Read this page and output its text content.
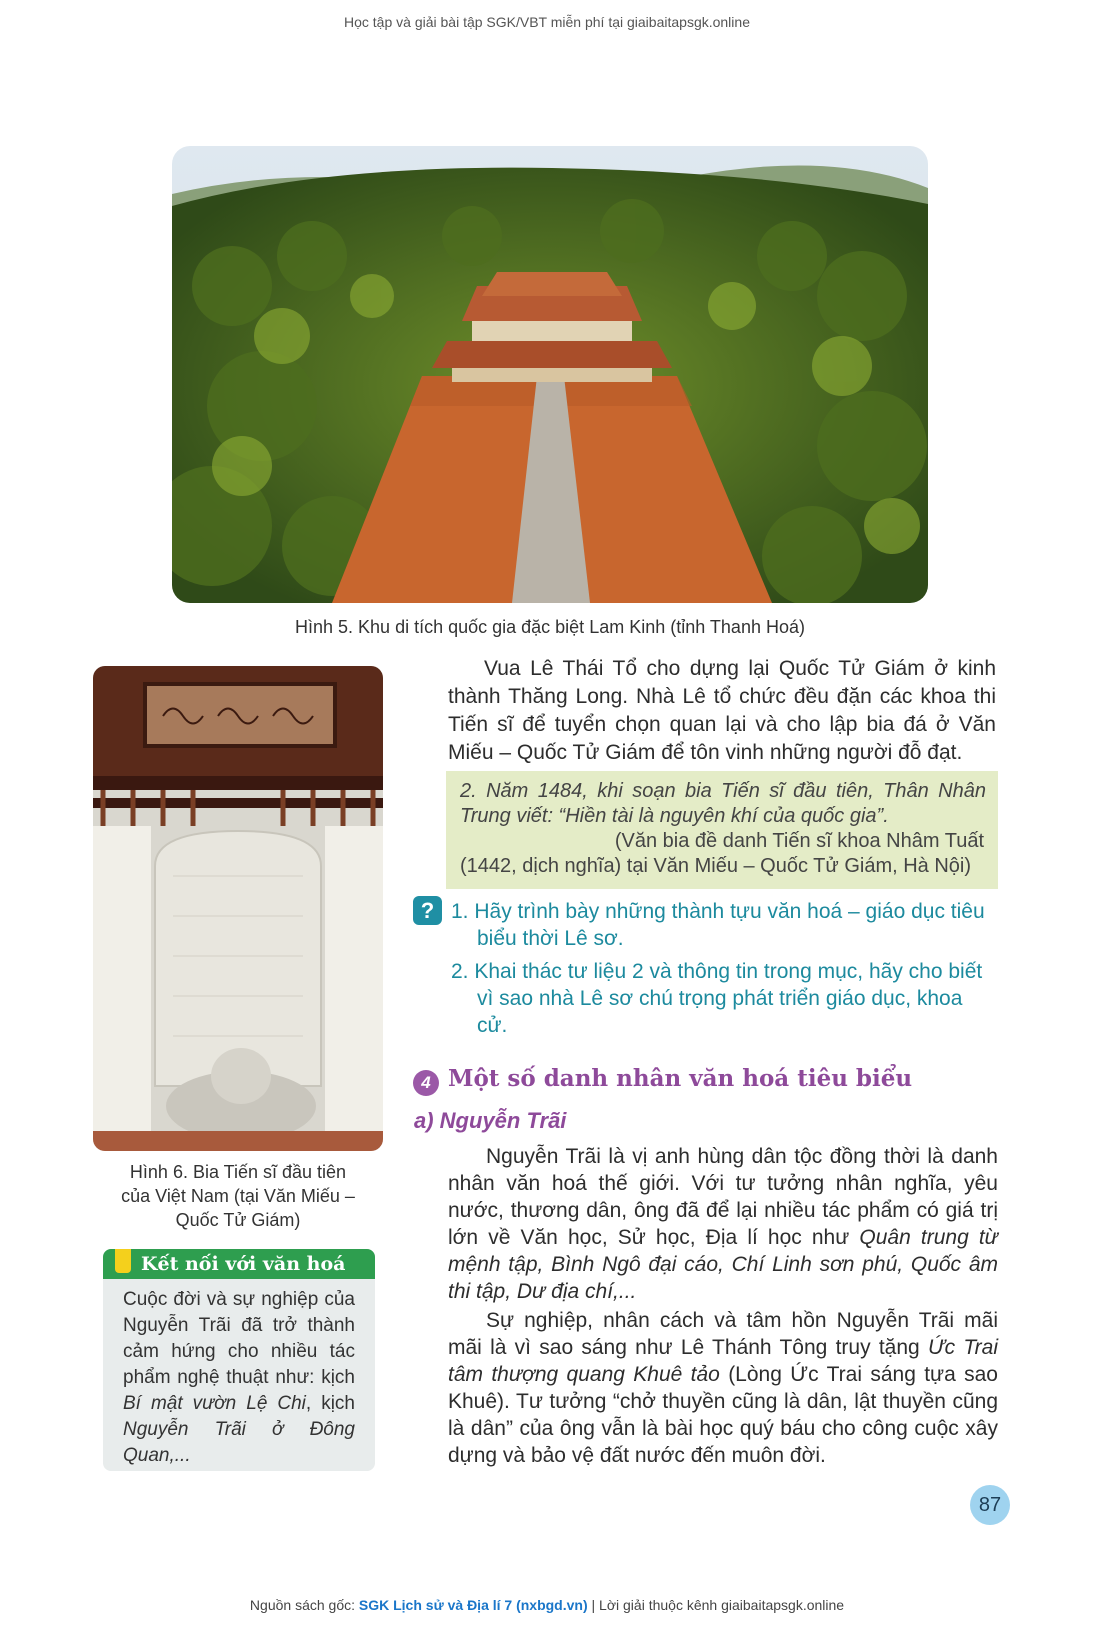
Học tập và giải bài tập SGK/VBT miễn phí tại giaibaitapsgk.online
Hình 5. Khu di tích quốc gia đặc biệt Lam Kinh (tỉnh Thanh Hoá)
Hình 6. Bia Tiến sĩ đầu tiên
của Việt Nam (tại Văn Miếu –
Quốc Tử Giám)
Kết nối với văn hoá
Cuộc đời và sự nghiệp của Nguyễn Trãi đã trở thành cảm hứng cho nhiều tác phẩm nghệ thuật như: kịch Bí mật vườn Lệ Chi, kịch Nguyễn Trãi ở Đông Quan,...
Vua Lê Thái Tổ cho dựng lại Quốc Tử Giám ở kinh thành Thăng Long. Nhà Lê tổ chức đều đặn các khoa thi Tiến sĩ để tuyển chọn quan lại và cho lập bia đá ở Văn Miếu – Quốc Tử Giám để tôn vinh những người đỗ đạt.
2. Năm 1484, khi soạn bia Tiến sĩ đầu tiên, Thân Nhân Trung viết: “Hiền tài là nguyên khí của quốc gia”.
(Văn bia đề danh Tiến sĩ khoa Nhâm Tuất
(1442, dịch nghĩa) tại Văn Miếu – Quốc Tử Giám, Hà Nội)
? 1. Hãy trình bày những thành tựu văn hoá – giáo dục tiêu biểu thời Lê sơ.
2. Khai thác tư liệu 2 và thông tin trong mục, hãy cho biết vì sao nhà Lê sơ chú trọng phát triển giáo dục, khoa cử.
4 Một số danh nhân văn hoá tiêu biểu
a) Nguyễn Trãi
Nguyễn Trãi là vị anh hùng dân tộc đồng thời là danh nhân văn hoá thế giới. Với tư tưởng nhân nghĩa, yêu nước, thương dân, ông đã để lại nhiều tác phẩm có giá trị lớn về Văn học, Sử học, Địa lí học như Quân trung từ mệnh tập, Bình Ngô đại cáo, Chí Linh sơn phú, Quốc âm thi tập, Dư địa chí,...
Sự nghiệp, nhân cách và tâm hồn Nguyễn Trãi mãi mãi là vì sao sáng như Lê Thánh Tông truy tặng Ức Trai tâm thượng quang Khuê tảo (Lòng Ức Trai sáng tựa sao Khuê). Tư tưởng “chở thuyền cũng là dân, lật thuyền cũng là dân” của ông vẫn là bài học quý báu cho công cuộc xây dựng và bảo vệ đất nước đến muôn đời.
87
Nguồn sách gốc: SGK Lịch sử và Địa lí 7 (nxbgd.vn) | Lời giải thuộc kênh giaibaitapsgk.online
